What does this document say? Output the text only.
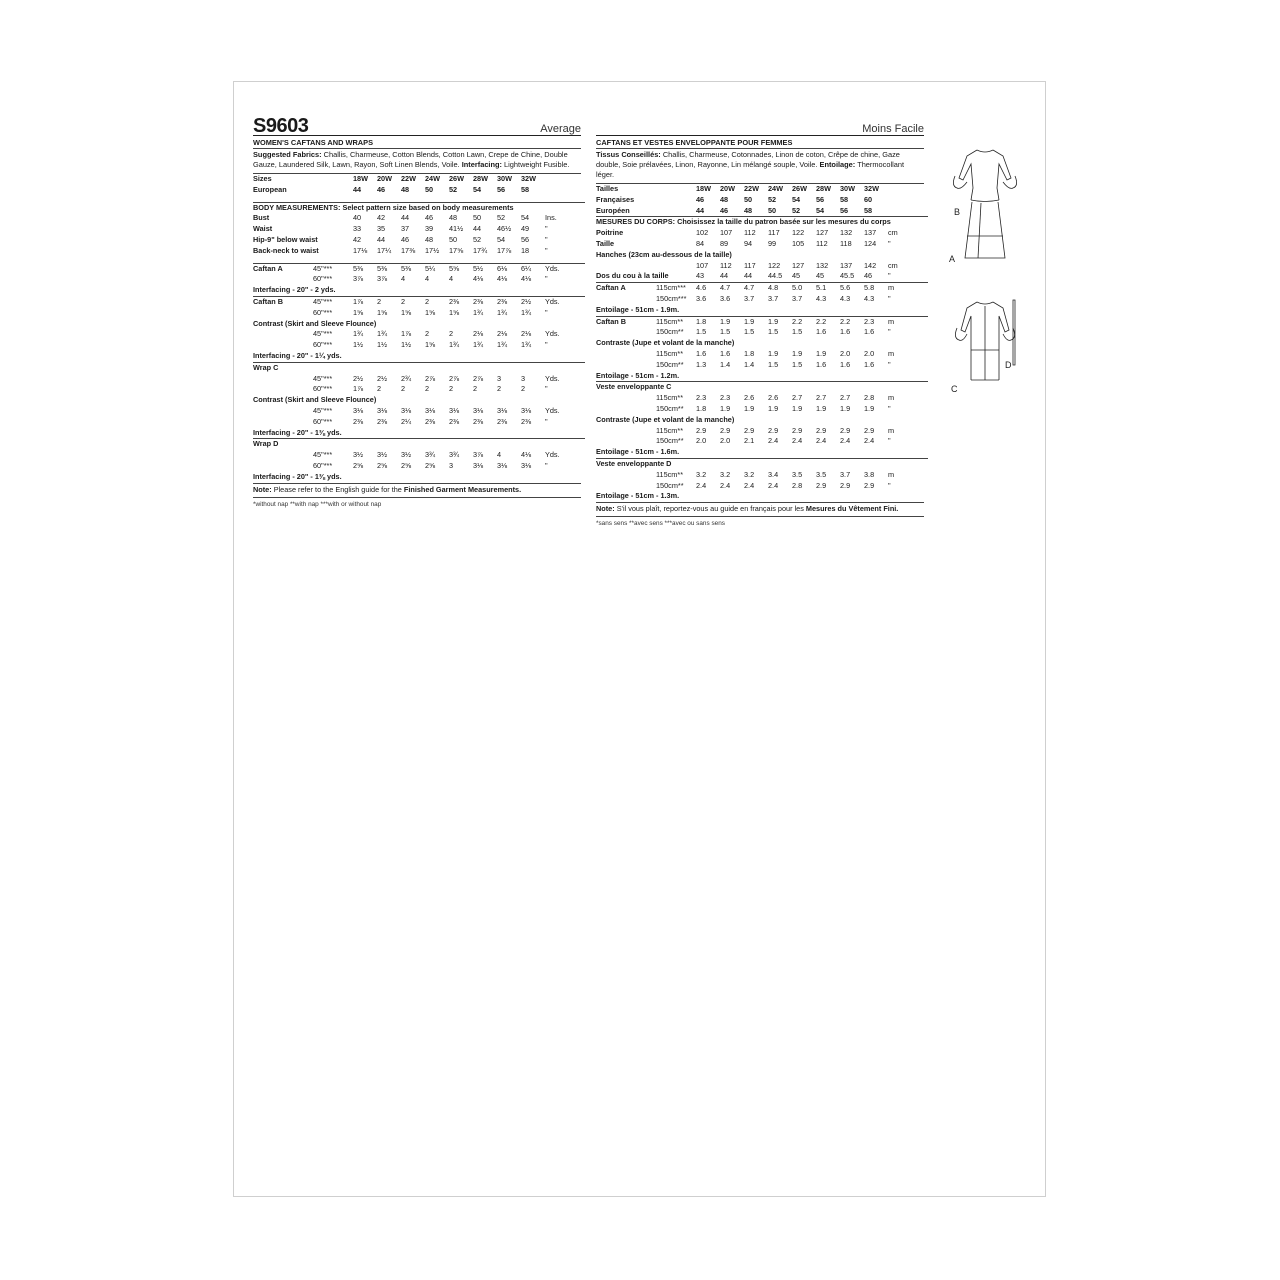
S9603	Average
WOMEN'S CAFTANS AND WRAPS
Suggested Fabrics: Challis, Charmeuse, Cotton Blends, Cotton Lawn, Crepe de Chine, Double Gauze, Laundered Silk, Lawn, Rayon, Soft Linen Blends, Voile. Interfacing: Lightweight Fusible.
Sizes		18W	20W	22W	24W	26W	28W	30W	32W	
European		44	46	48	50	52	54	56	58	

BODY MEASUREMENTS: Select pattern size based on body measurements										
Bust		40	42	44	46	48	50	52	54	Ins.
Waist		33	35	37	39	41½	44	46½	49	"
Hip-9" below waist		42	44	46	48	50	52	54	56	"
Back-neck to waist		17⅛	17¼	17⅜	17½	17⅝	17¾	17⅞	18	"

Caftan A	45"***	5⅜	5⅜	5⅜	5¼	5⅝	5½	6⅛	6¼	Yds.
	60"***	3⅞	3⅞	4	4	4	4⅛	4⅛	4⅛	"
Interfacing - 20" - 2 yds.										
Caftan B	45"***	1⅞	2	2	2	2⅜	2⅜	2⅜	2½	Yds.
	60"***	1⅝	1⅝	1⅝	1⅝	1⅝	1¾	1¾	1¾	"
Contrast (Skirt and Sleeve Flounce)										
	45"***	1¾	1¾	1⅞	2	2	2⅛	2⅛	2⅛	Yds.
	60"***	1½	1½	1½	1⅝	1¾	1¾	1¾	1¾	"
Interfacing - 20" - 1¼ yds.										
Wrap C										
	45"***	2½	2½	2¾	2⅞	2⅞	2⅞	3	3	Yds.
	60"***	1⅞	2	2	2	2	2	2	2	"
Contrast (Skirt and Sleeve Flounce)										
	45"***	3⅛	3⅛	3⅛	3⅛	3⅛	3⅛	3⅛	3⅛	Yds.
	60"***	2⅜	2⅜	2¼	2⅜	2⅜	2⅜	2⅜	2⅜	"
Interfacing - 20" - 1⅜ yds.										
Wrap D										
	45"***	3½	3½	3½	3¾	3¾	3⅞	4	4⅛	Yds.
	60"***	2⅝	2⅝	2⅝	2⅝	3	3⅛	3⅛	3⅛	"
Interfacing - 20" - 1⅜ yds.										
Note: Please refer to the English guide for the Finished Garment Measurements.
*without nap **with nap ***with or without nap
Moins Facile
CAFTANS ET VESTES ENVELOPPANTE POUR FEMMES
Tissus Conseillés: Challis, Charmeuse, Cotonnades, Linon de coton, Crêpe de chine, Gaze double, Soie prélavées, Linon, Rayonne, Lin mélangé souple, Voile. Entoilage: Thermocollant léger.
Tailles		18W	20W	22W	24W	26W	28W	30W	32W	
Françaises		46	48	50	52	54	56	58	60	
Européen		44	46	48	50	52	54	56	58	
MESURES DU CORPS: Choisissez la taille du patron basée sur les mesures du corps										
Poitrine		102	107	112	117	122	127	132	137	cm
Taille		84	89	94	99	105	112	118	124	"
Hanches (23cm au-dessous de la taille)										
		107	112	117	122	127	132	137	142	cm
Dos du cou à la taille		43	44	44	44.5	45	45	45.5	46	"
Caftan A	115cm***	4.6	4.7	4.7	4.8	5.0	5.1	5.6	5.8	m
	150cm***	3.6	3.6	3.7	3.7	3.7	4.3	4.3	4.3	"
Entoilage - 51cm - 1.9m.										
Caftan B	115cm**	1.8	1.9	1.9	1.9	2.2	2.2	2.2	2.3	m
	150cm**	1.5	1.5	1.5	1.5	1.5	1.6	1.6	1.6	"
Contraste (Jupe et volant de la manche)										
	115cm**	1.6	1.6	1.8	1.9	1.9	1.9	2.0	2.0	m
	150cm**	1.3	1.4	1.4	1.5	1.5	1.6	1.6	1.6	"
Entoilage - 51cm - 1.2m.										
Veste enveloppante C										
	115cm**	2.3	2.3	2.6	2.6	2.7	2.7	2.7	2.8	m
	150cm**	1.8	1.9	1.9	1.9	1.9	1.9	1.9	1.9	"
Contraste (Jupe et volant de la manche)										
	115cm**	2.9	2.9	2.9	2.9	2.9	2.9	2.9	2.9	m
	150cm**	2.0	2.0	2.1	2.4	2.4	2.4	2.4	2.4	"
Entoilage - 51cm - 1.6m.										
Veste enveloppante D										
	115cm**	3.2	3.2	3.2	3.4	3.5	3.5	3.7	3.8	m
	150cm**	2.4	2.4	2.4	2.4	2.8	2.9	2.9	2.9	"
Entoilage - 51cm - 1.3m.										
Note: S'il vous plaît, reportez-vous au guide en français pour les Mesures du Vêtement Fini.
*sans sens **avec sens ***avec ou sans sens
B
A
D
C
